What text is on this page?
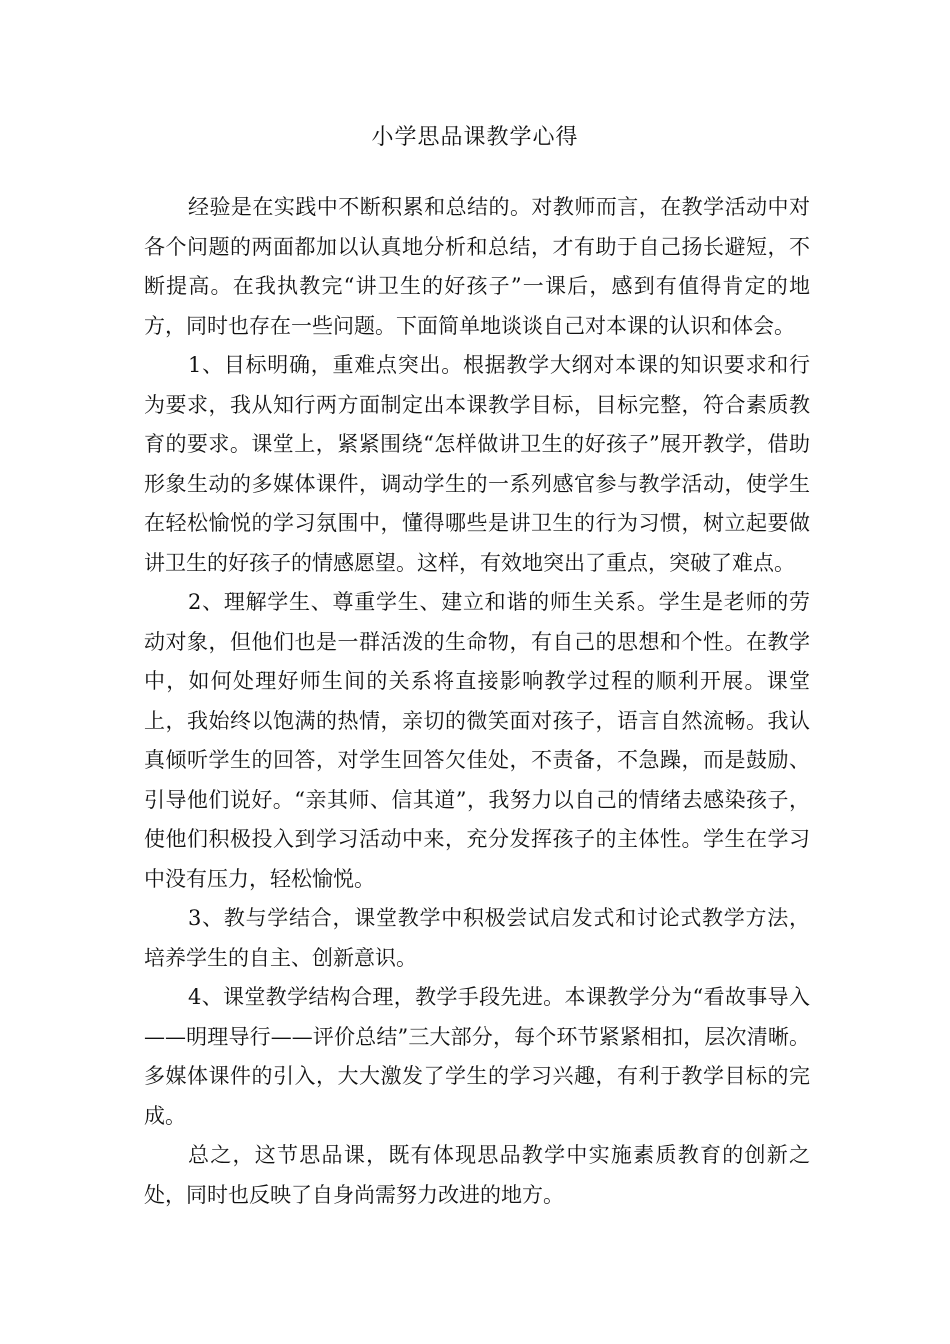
小学思品课教学心得

经验是在实践中不断积累和总结的。对教师而言，在教学活动中对各个问题的两面都加以认真地分析和总结，才有助于自己扬长避短，不断提高。在我执教完“讲卫生的好孩子”一课后，感到有值得肯定的地方，同时也存在一些问题。下面简单地谈谈自己对本课的认识和体会。

1、目标明确，重难点突出。根据教学大纲对本课的知识要求和行为要求，我从知行两方面制定出本课教学目标，目标完整，符合素质教育的要求。课堂上，紧紧围绕“怎样做讲卫生的好孩子”展开教学，借助形象生动的多媒体课件，调动学生的一系列感官参与教学活动，使学生在轻松愉悦的学习氛围中，懂得哪些是讲卫生的行为习惯，树立起要做讲卫生的好孩子的情感愿望。这样，有效地突出了重点，突破了难点。

2、理解学生、尊重学生、建立和谐的师生关系。学生是老师的劳动对象，但他们也是一群活泼的生命物，有自己的思想和个性。在教学中，如何处理好师生间的关系将直接影响教学过程的顺利开展。课堂上，我始终以饱满的热情，亲切的微笑面对孩子，语言自然流畅。我认真倾听学生的回答，对学生回答欠佳处，不责备，不急躁，而是鼓励、引导他们说好。“亲其师、信其道”，我努力以自己的情绪去感染孩子，使他们积极投入到学习活动中来，充分发挥孩子的主体性。学生在学习中没有压力，轻松愉悦。

3、教与学结合，课堂教学中积极尝试启发式和讨论式教学方法，培养学生的自主、创新意识。

4、课堂教学结构合理，教学手段先进。本课教学分为“看故事导入——明理导行——评价总结”三大部分，每个环节紧紧相扣，层次清晰。多媒体课件的引入，大大激发了学生的学习兴趣，有利于教学目标的完成。

总之，这节思品课，既有体现思品教学中实施素质教育的创新之处，同时也反映了自身尚需努力改进的地方。
